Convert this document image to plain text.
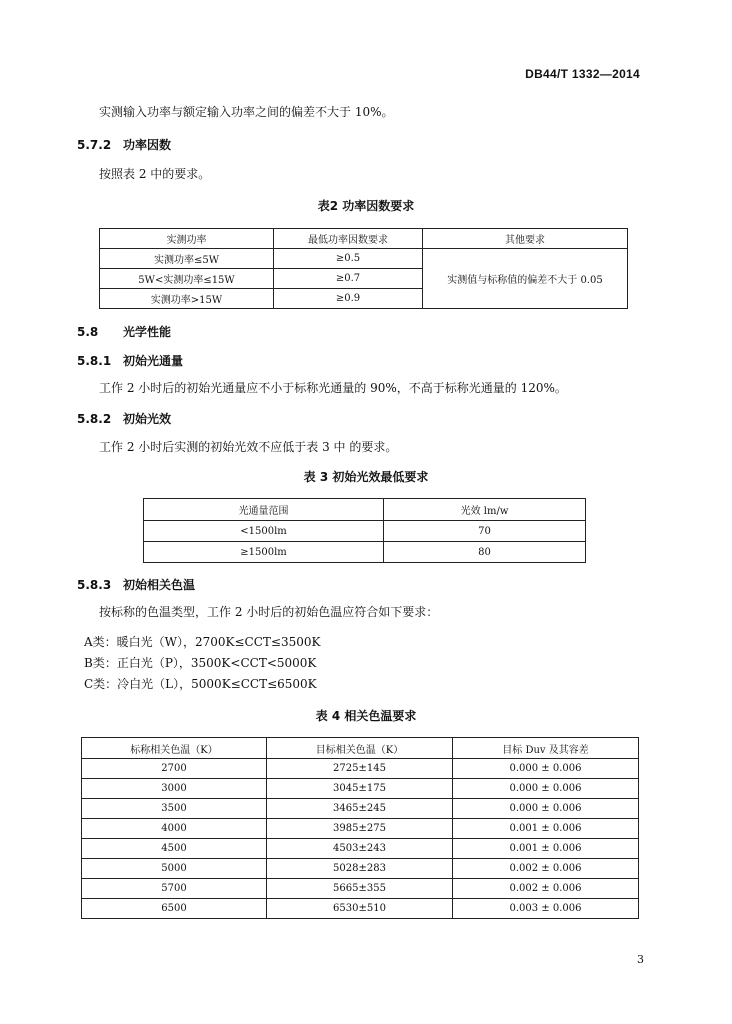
DB44/T 1332—2014
实测输入功率与额定输入功率之间的偏差不大于 10%。
5.7.2 功率因数
按照表 2 中的要求。
表2 功率因数要求
实测功率	最低功率因数要求	其他要求
实测功率≤5W	≥0.5	实测值与标称值的偏差不大于 0.05
5W<实测功率≤15W	≥0.7	
实测功率>15W	≥0.9	
5.8 光学性能
5.8.1 初始光通量
工作 2 小时后的初始光通量应不小于标称光通量的 90%，不高于标称光通量的 120%。
5.8.2 初始光效
工作 2 小时后实测的初始光效不应低于表 3 中 的要求。
表 3 初始光效最低要求
光通量范围	光效 lm/w
<1500lm	70
≥1500lm	80
5.8.3 初始相关色温
按标称的色温类型，工作 2 小时后的初始色温应符合如下要求：
A类：暖白光（W），2700K≤CCT≤3500K
B类：正白光（P），3500K<CCT<5000K
C类：冷白光（L），5000K≤CCT≤6500K
表 4 相关色温要求
标称相关色温（K）	目标相关色温（K）	目标 Duv 及其容差
2700	2725±145	0.000 ± 0.006
3000	3045±175	0.000 ± 0.006
3500	3465±245	0.000 ± 0.006
4000	3985±275	0.001 ± 0.006
4500	4503±243	0.001 ± 0.006
5000	5028±283	0.002 ± 0.006
5700	5665±355	0.002 ± 0.006
6500	6530±510	0.003 ± 0.006
3
